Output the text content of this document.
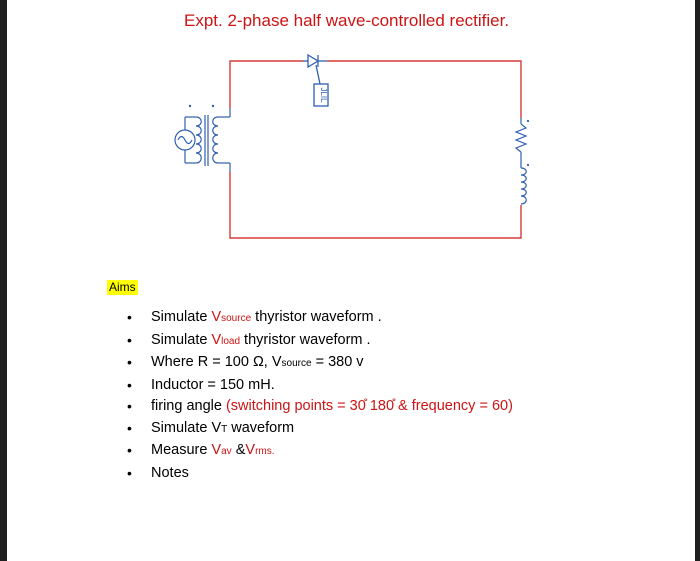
Expt. 2-phase half wave-controlled rectifier.
JLIL
Aims
• Simulate Vsource thyristor waveform .
• Simulate Vload thyristor waveform .
• Where R = 100 Ω, Vsource = 380 v
• Inductor = 150 mH.
• firing angle (switching points = 30̊ 180̊ & frequency = 60)
• Simulate VT waveform
• Measure Vav &Vrms.
• Notes
